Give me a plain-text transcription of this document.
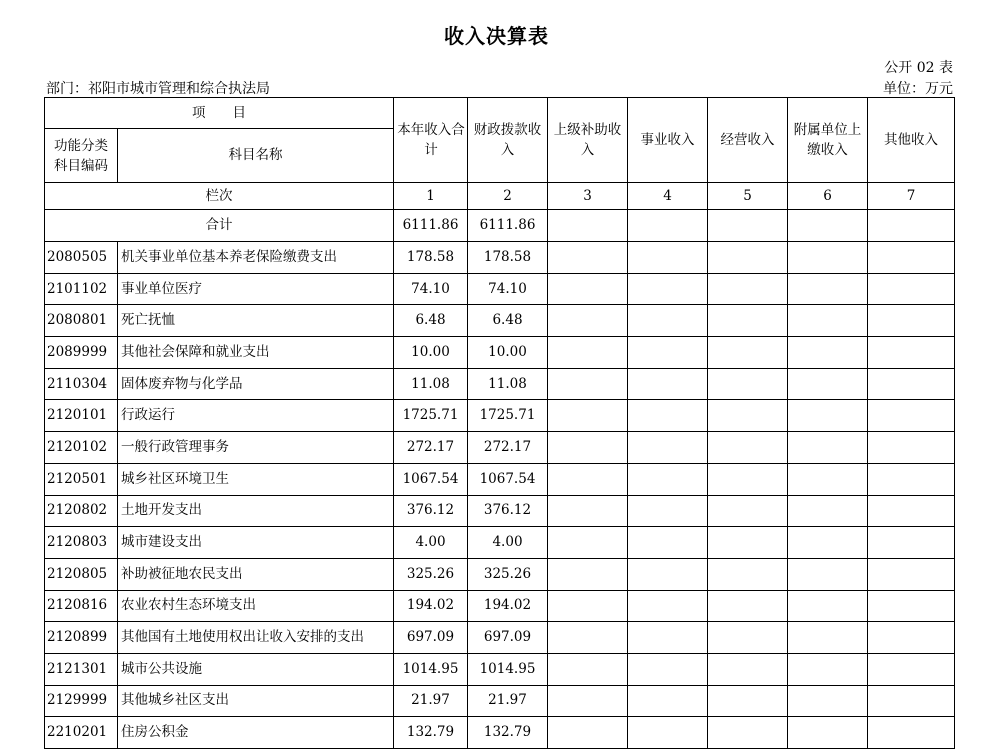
收入决算表
公开 02 表
部门：祁阳市城市管理和综合执法局	单位：万元
项　　目		本年收入合计	财政拨款收入	上级补助收入	事业收入	经营收入	附属单位上缴收入	其他收入
功能分类科目编码	科目名称							
栏次		1	2	3	4	5	6	7
合计		6111.86	6111.86					
2080505	机关事业单位基本养老保险缴费支出	178.58	178.58					
2101102	事业单位医疗	74.10	74.10					
2080801	死亡抚恤	6.48	6.48					
2089999	其他社会保障和就业支出	10.00	10.00					
2110304	固体废弃物与化学品	11.08	11.08					
2120101	行政运行	1725.71	1725.71					
2120102	一般行政管理事务	272.17	272.17					
2120501	城乡社区环境卫生	1067.54	1067.54					
2120802	土地开发支出	376.12	376.12					
2120803	城市建设支出	4.00	4.00					
2120805	补助被征地农民支出	325.26	325.26					
2120816	农业农村生态环境支出	194.02	194.02					
2120899	其他国有土地使用权出让收入安排的支出	697.09	697.09					
2121301	城市公共设施	1014.95	1014.95					
2129999	其他城乡社区支出	21.97	21.97					
2210201	住房公积金	132.79	132.79					
